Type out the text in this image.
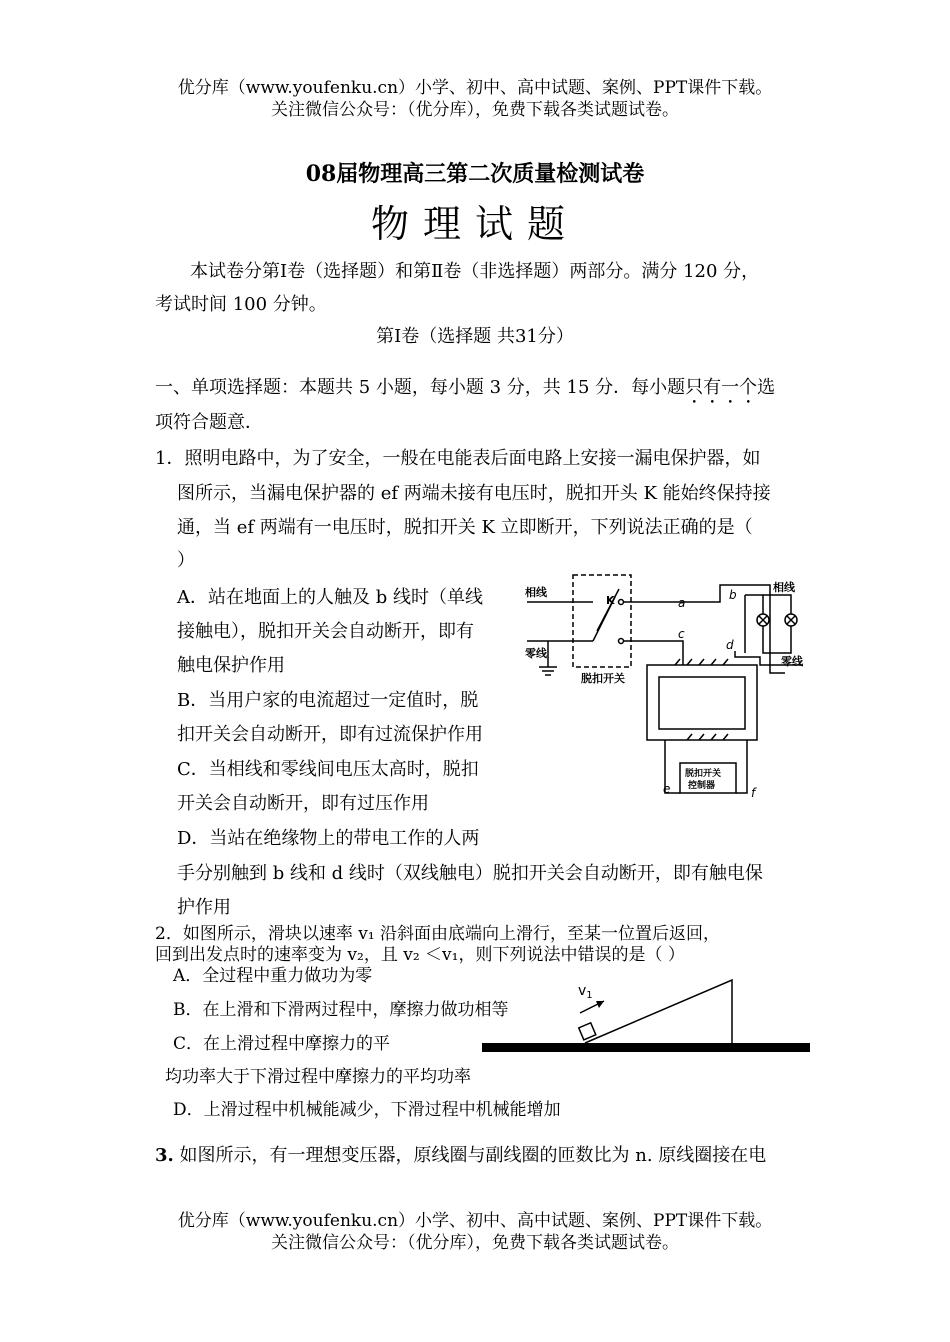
优分库（www.youfenku.cn）小学、初中、高中试题、案例、PPT课件下载。
关注微信公众号：（优分库），免费下载各类试题试卷。
08届物理高三第二次质量检测试卷
物理试题
本试卷分第Ⅰ卷（选择题）和第Ⅱ卷（非选择题）两部分。满分 120 分，
考试时间 100 分钟。
第Ⅰ卷（选择题 共31分）
一、单项选择题：本题共 5 小题，每小题 3 分，共 15 分．每小题只有一个选
项符合题意．
1．照明电路中，为了安全，一般在电能表后面电路上安接一漏电保护器，如
图所示，当漏电保护器的 ef 两端未接有电压时，脱扣开头 K 能始终保持接
通，当 ef 两端有一电压时，脱扣开关 K 立即断开，下列说法正确的是（
）
A．站在地面上的人触及 b 线时（单线
接触电），脱扣开关会自动断开，即有
触电保护作用
B．当用户家的电流超过一定值时，脱
扣开关会自动断开，即有过流保护作用
C．当相线和零线间电压太高时，脱扣
开关会自动断开，即有过压作用
D．当站在绝缘物上的带电工作的人两
手分别触到 b 线和 d 线时（双线触电）脱扣开关会自动断开，即有触电保
护作用
相线
零线
脱扣开关
K
相线
零线
脱扣开关
控制器
a
b
c
d
e	f
2．如图所示，滑块以速率 v₁ 沿斜面由底端向上滑行，至某一位置后返回，
回到出发点时的速率变为 v₂，且 v₂ ＜v₁，则下列说法中错误的是（ ）
A．全过程中重力做功为零
B．在上滑和下滑两过程中，摩擦力做功相等
C．在上滑过程中摩擦力的平
均功率大于下滑过程中摩擦力的平均功率
D．上滑过程中机械能减少，下滑过程中机械能增加
$v_1$
3. 如图所示，有一理想变压器，原线圈与副线圈的匝数比为 n. 原线圈接在电
优分库（www.youfenku.cn）小学、初中、高中试题、案例、PPT课件下载。
关注微信公众号：（优分库），免费下载各类试题试卷。
